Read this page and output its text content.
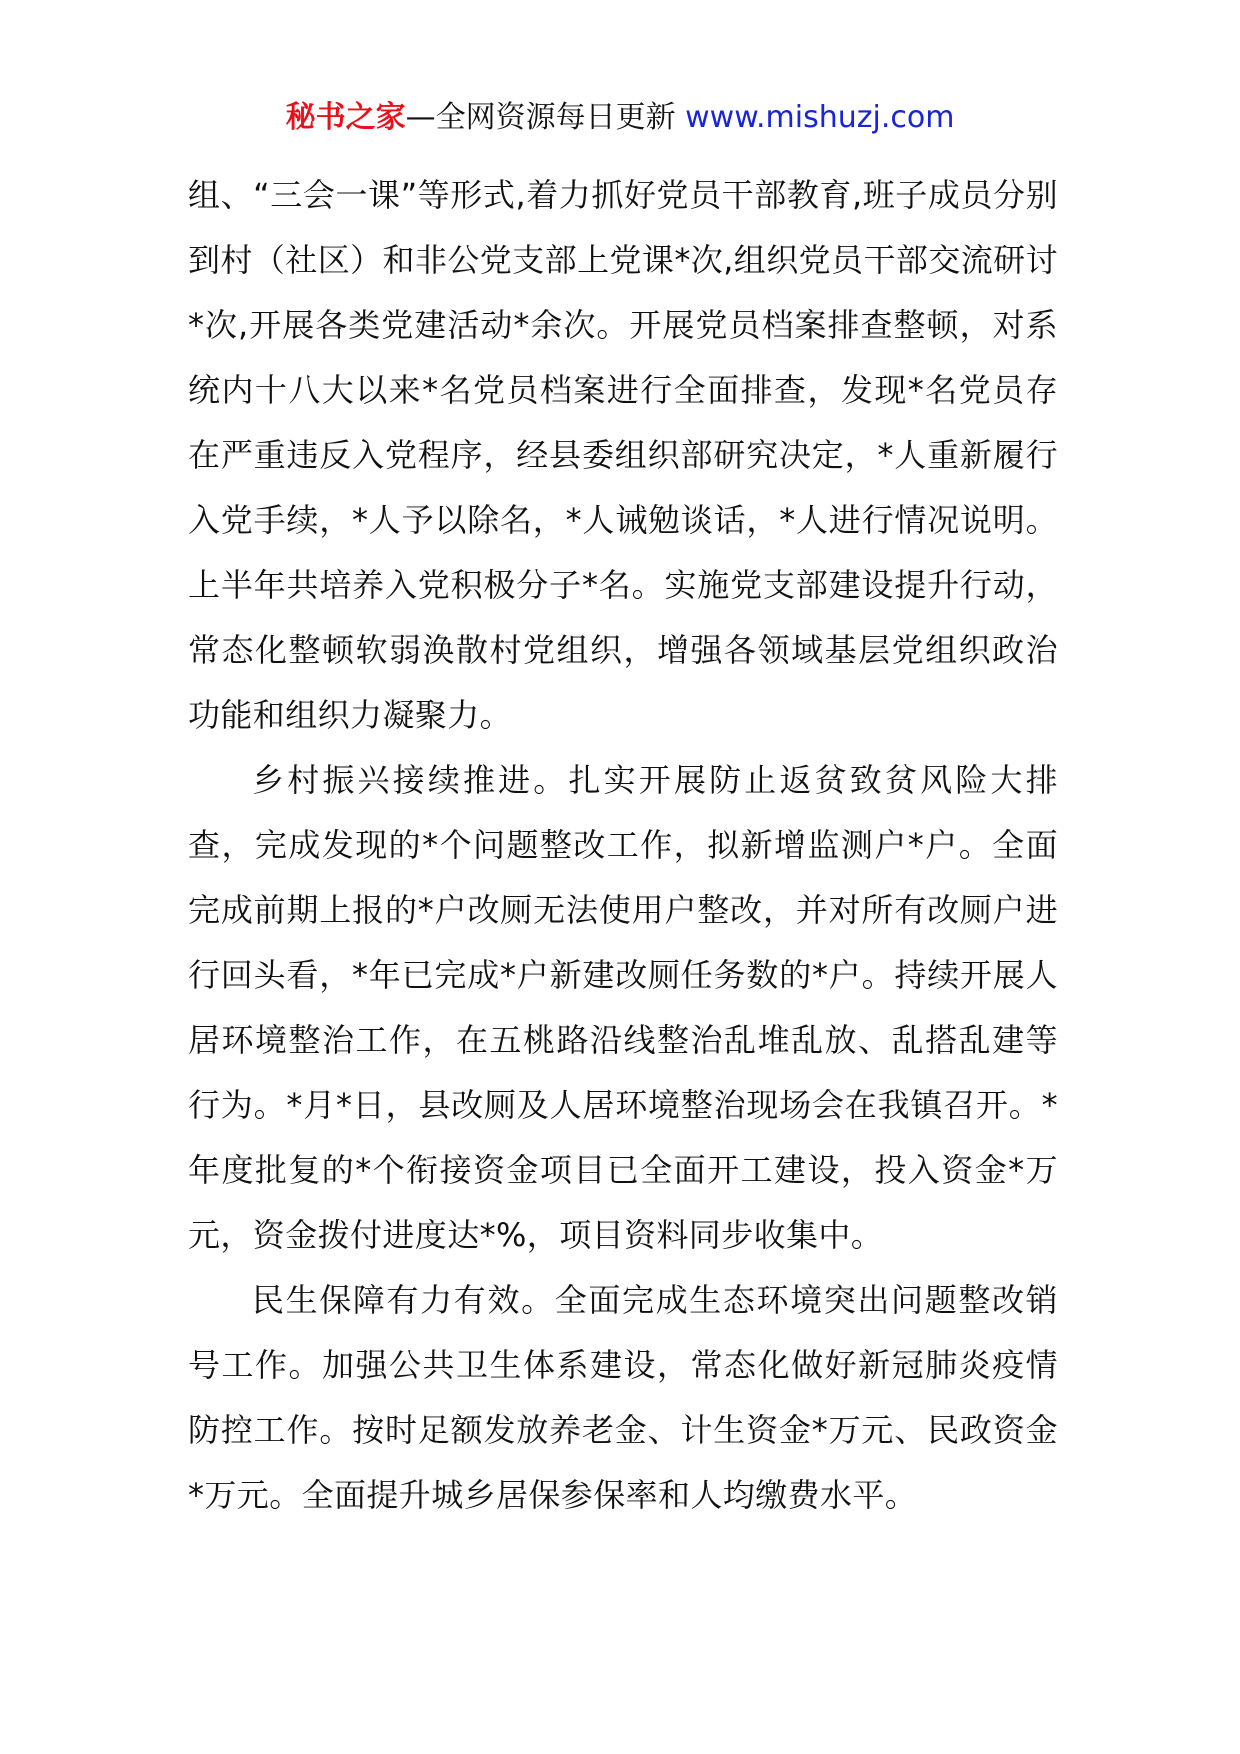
秘书之家—全网资源每日更新 www.mishuzj.com

组、“三会一课”等形式,着力抓好党员干部教育,班子成员分别到村（社区）和非公党支部上党课*次,组织党员干部交流研讨*次,开展各类党建活动*余次。开展党员档案排查整顿，对系统内十八大以来*名党员档案进行全面排查，发现*名党员存在严重违反入党程序，经县委组织部研究决定，*人重新履行入党手续，*人予以除名，*人诫勉谈话，*人进行情况说明。上半年共培养入党积极分子*名。实施党支部建设提升行动，常态化整顿软弱涣散村党组织，增强各领域基层党组织政治功能和组织力凝聚力。

乡村振兴接续推进。扎实开展防止返贫致贫风险大排查，完成发现的*个问题整改工作，拟新增监测户*户。全面完成前期上报的*户改厕无法使用户整改，并对所有改厕户进行回头看，*年已完成*户新建改厕任务数的*户。持续开展人居环境整治工作，在五桃路沿线整治乱堆乱放、乱搭乱建等行为。*月*日，县改厕及人居环境整治现场会在我镇召开。*年度批复的*个衔接资金项目已全面开工建设，投入资金*万元，资金拨付进度达*%，项目资料同步收集中。

民生保障有力有效。全面完成生态环境突出问题整改销号工作。加强公共卫生体系建设，常态化做好新冠肺炎疫情防控工作。按时足额发放养老金、计生资金*万元、民政资金*万元。全面提升城乡居保参保率和人均缴费水平。
